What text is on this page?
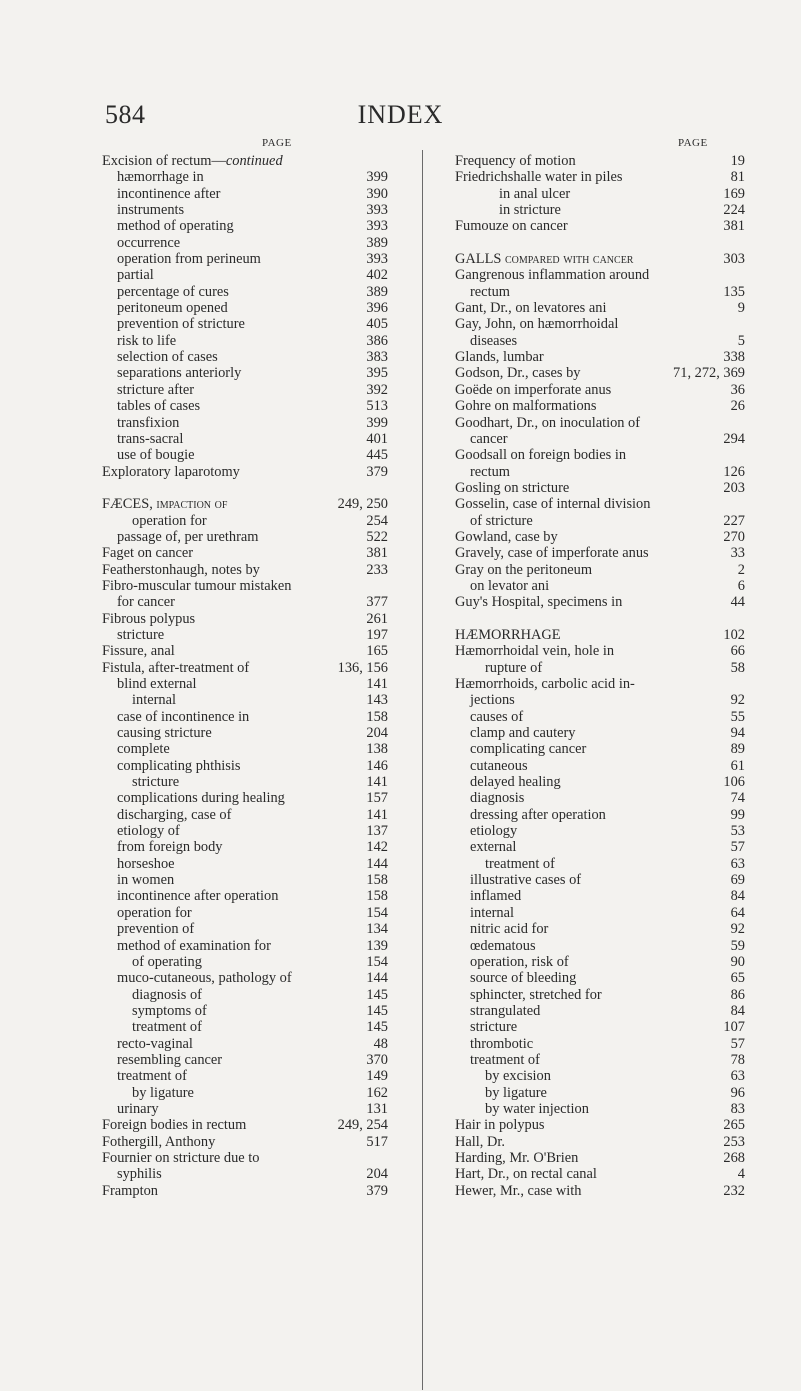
584	INDEX
PAGE	PAGE
Excision of rectum—continued
hæmorrhage in	399
incontinence after	390
instruments	393
method of operating	393
occurrence	389
operation from perineum	393
partial	402
percentage of cures	389
peritoneum opened	396
prevention of stricture	405
risk to life	386
selection of cases	383
separations anteriorly	395
stricture after	392
tables of cases	513
transfixion	399
trans-sacral	401
use of bougie	445
Exploratory laparotomy	379
FÆCES, impaction of	249, 250
operation for	254
passage of, per urethram	522
Faget on cancer	381
Featherstonhaugh, notes by	233
Fibro-muscular tumour mistaken
for cancer	377
Fibrous polypus	261
stricture	197
Fissure, anal	165
Fistula, after-treatment of	136, 156
blind external	141
internal	143
case of incontinence in	158
causing stricture	204
complete	138
complicating phthisis	146
stricture	141
complications during healing	157
discharging, case of	141
etiology of	137
from foreign body	142
horseshoe	144
in women	158
incontinence after operation	158
operation for	154
prevention of	134
method of examination for	139
of operating	154
muco-cutaneous, pathology of	144
diagnosis of	145
symptoms of	145
treatment of	145
recto-vaginal	48
resembling cancer	370
treatment of	149
by ligature	162
urinary	131
Foreign bodies in rectum	249, 254
Fothergill, Anthony	517
Fournier on stricture due to
syphilis	204
Frampton	379
Frequency of motion	19
Friedrichshalle water in piles	81
in anal ulcer	169
in stricture	224
Fumouze on cancer	381
GALLS compared with cancer	303
Gangrenous inflammation around
rectum	135
Gant, Dr., on levatores ani	9
Gay, John, on hæmorrhoidal
diseases	5
Glands, lumbar	338
Godson, Dr., cases by	71, 272, 369
Goëde on imperforate anus	36
Gohre on malformations	26
Goodhart, Dr., on inoculation of
cancer	294
Goodsall on foreign bodies in
rectum	126
Gosling on stricture	203
Gosselin, case of internal division
of stricture	227
Gowland, case by	270
Gravely, case of imperforate anus	33
Gray on the peritoneum	2
on levator ani	6
Guy's Hospital, specimens in	44
HÆMORRHAGE	102
Hæmorrhoidal vein, hole in	66
rupture of	58
Hæmorrhoids, carbolic acid in-
jections	92
causes of	55
clamp and cautery	94
complicating cancer	89
cutaneous	61
delayed healing	106
diagnosis	74
dressing after operation	99
etiology	53
external	57
treatment of	63
illustrative cases of	69
inflamed	84
internal	64
nitric acid for	92
œdematous	59
operation, risk of	90
source of bleeding	65
sphincter, stretched for	86
strangulated	84
stricture	107
thrombotic	57
treatment of	78
by excision	63
by ligature	96
by water injection	83
Hair in polypus	265
Hall, Dr.	253
Harding, Mr. O'Brien	268
Hart, Dr., on rectal canal	4
Hewer, Mr., case with	232
